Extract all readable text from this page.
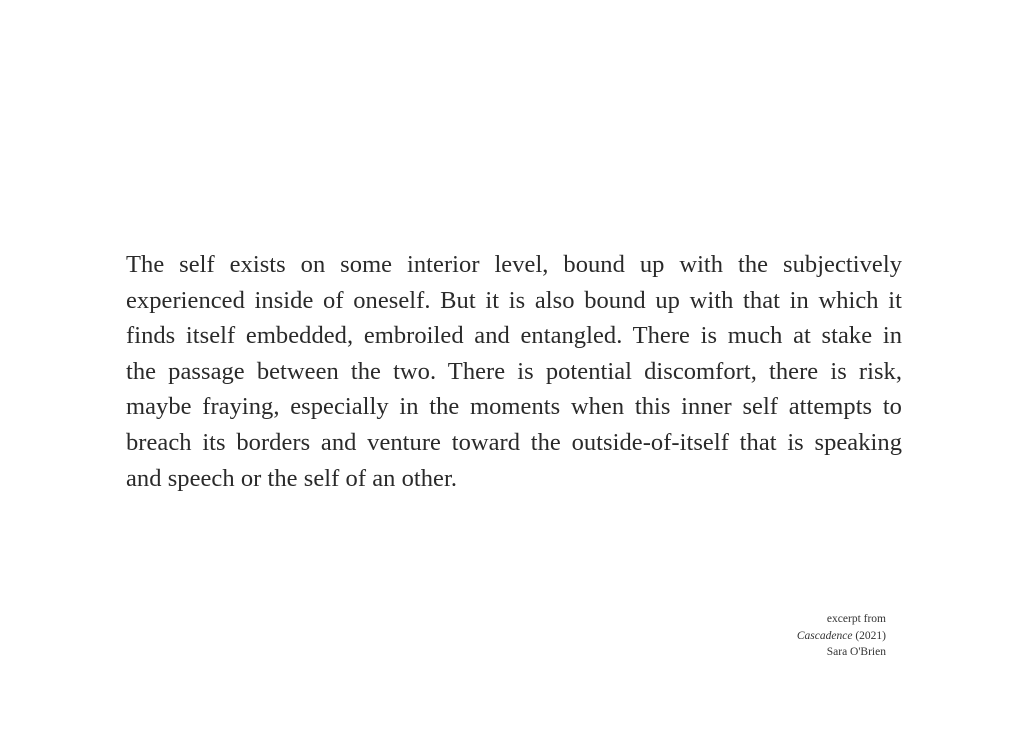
The self exists on some interior level, bound up with the subjectively
experienced inside of oneself. But it is also bound up with that in which it
finds itself embedded, embroiled and entangled. There is much at stake in
the passage between the two. There is potential discomfort, there is risk,
maybe fraying, especially in the moments when this inner self attempts to
breach its borders and venture toward the outside-of-itself that is speaking
and speech or the self of an other.

excerpt from
Cascadence (2021)
Sara O'Brien
